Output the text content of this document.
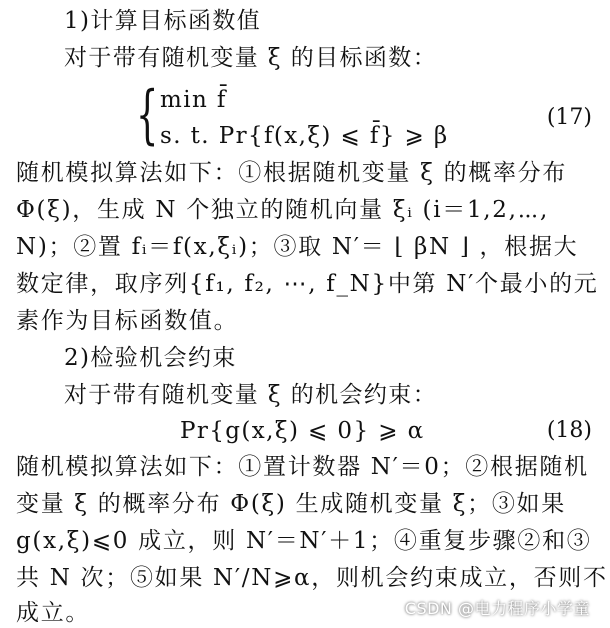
1)计算目标函数值
对于带有随机变量 ξ 的目标函数：
{ min f̄
s. t. Pr{f(x,ξ) ⩽ f̄} ⩾ β
(17)
随机模拟算法如下：①根据随机变量 ξ 的概率分布
Φ(ξ)，生成 N 个独立的随机向量 ξᵢ (i＝1,2,⋯,
N)；②置 fᵢ＝f(x,ξᵢ)；③取 N′＝ ⌊ βN ⌋ ，根据大
数定律，取序列{f₁, f₂, ⋯, f_N}中第 N′个最小的元
素作为目标函数值。
2)检验机会约束
对于带有随机变量 ξ 的机会约束：
Pr{g(x,ξ) ⩽ 0} ⩾ α	(18)
随机模拟算法如下：①置计数器 N′＝0；②根据随机
变量 ξ 的概率分布 Φ(ξ) 生成随机变量 ξ；③如果
g(x,ξ)⩽0 成立，则 N′＝N′＋1；④重复步骤②和③
共 N 次；⑤如果 N′/N⩾α，则机会约束成立，否则不
成立。	CSDN @电力程序小学童
